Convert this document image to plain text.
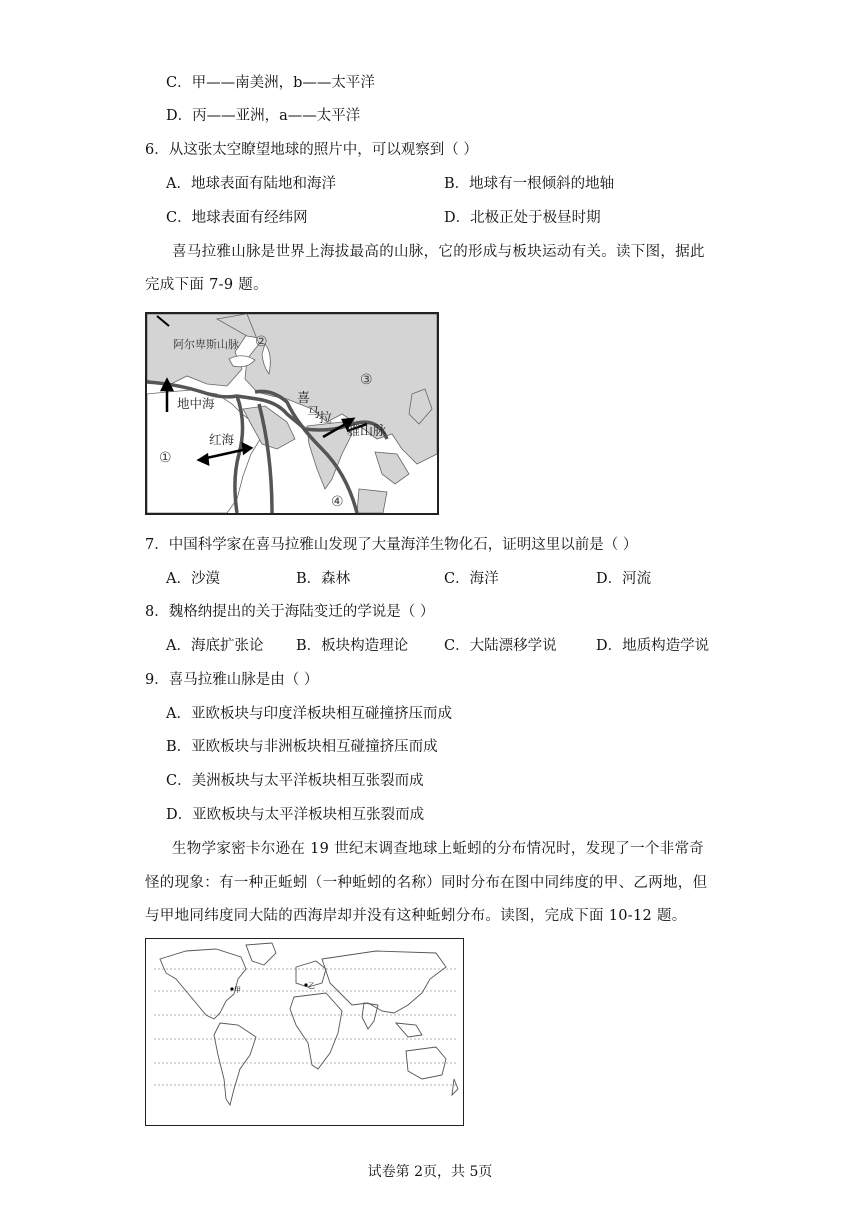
C．甲——南美洲，b——太平洋
D．丙——亚洲，a——太平洋
6．从这张太空瞭望地球的照片中，可以观察到（ ）
A．地球表面有陆地和海洋	B．地球有一根倾斜的地轴
C．地球表面有经纬网	D．北极正处于极昼时期
喜马拉雅山脉是世界上海拔最高的山脉，它的形成与板块运动有关。读下图，据此
完成下面 7-9 题。
阿尔卑斯山脉
地中海
红海
喜
马
拉
雅山脉
②
③
①
④
7．中国科学家在喜马拉雅山发现了大量海洋生物化石，证明这里以前是（ ）
A．沙漠	B．森林	C．海洋	D．河流
8．魏格纳提出的关于海陆变迁的学说是（ ）
A．海底扩张论 B．板块构造理论 C．大陆漂移学说	D．地质构造学说
9．喜马拉雅山脉是由（ ）
A．亚欧板块与印度洋板块相互碰撞挤压而成
B．亚欧板块与非洲板块相互碰撞挤压而成
C．美洲板块与太平洋板块相互张裂而成
D．亚欧板块与太平洋板块相互张裂而成
生物学家密卡尔逊在 19 世纪末调查地球上蚯蚓的分布情况时，发现了一个非常奇
怪的现象：有一种正蚯蚓（一种蚯蚓的名称）同时分布在图中同纬度的甲、乙两地，但
与甲地同纬度同大陆的西海岸却并没有这种蚯蚓分布。读图，完成下面 10-12 题。
甲	乙
试卷第 2页，共 5页
